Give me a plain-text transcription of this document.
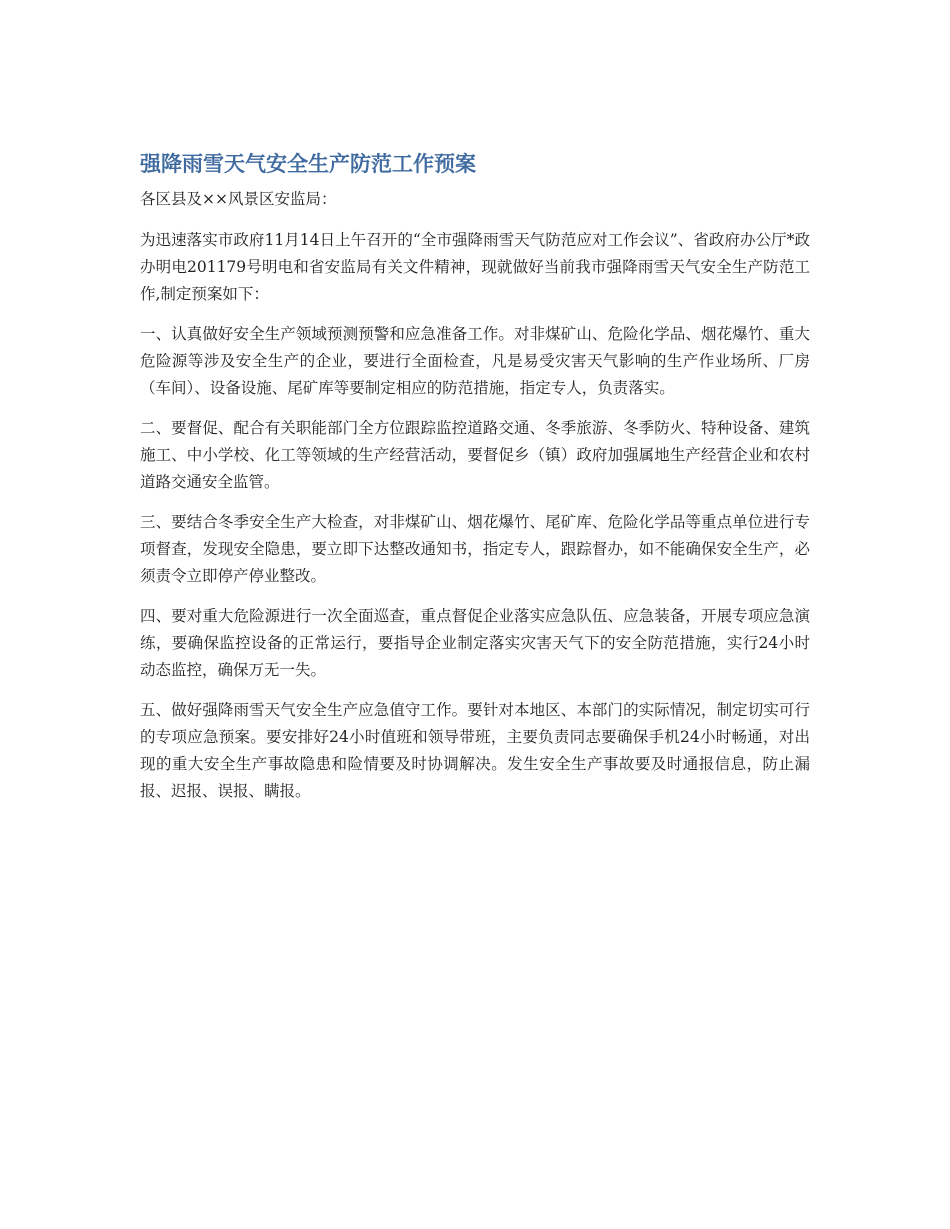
强降雨雪天气安全生产防范工作预案

各区县及××风景区安监局：

为迅速落实市政府11月14日上午召开的“全市强降雨雪天气防范应对工作会议”、省政府办公厅*政办明电201179号明电和省安监局有关文件精神，现就做好当前我市强降雨雪天气安全生产防范工作,制定预案如下：

一、认真做好安全生产领域预测预警和应急准备工作。对非煤矿山、危险化学品、烟花爆竹、重大危险源等涉及安全生产的企业，要进行全面检查，凡是易受灾害天气影响的生产作业场所、厂房（车间）、设备设施、尾矿库等要制定相应的防范措施，指定专人，负责落实。

二、要督促、配合有关职能部门全方位跟踪监控道路交通、冬季旅游、冬季防火、特种设备、建筑施工、中小学校、化工等领域的生产经营活动，要督促乡（镇）政府加强属地生产经营企业和农村道路交通安全监管。

三、要结合冬季安全生产大检查，对非煤矿山、烟花爆竹、尾矿库、危险化学品等重点单位进行专项督查，发现安全隐患，要立即下达整改通知书，指定专人，跟踪督办，如不能确保安全生产，必须责令立即停产停业整改。

四、要对重大危险源进行一次全面巡查，重点督促企业落实应急队伍、应急装备，开展专项应急演练，要确保监控设备的正常运行，要指导企业制定落实灾害天气下的安全防范措施，实行24小时动态监控，确保万无一失。

五、做好强降雨雪天气安全生产应急值守工作。要针对本地区、本部门的实际情况，制定切实可行的专项应急预案。要安排好24小时值班和领导带班，主要负责同志要确保手机24小时畅通，对出现的重大安全生产事故隐患和险情要及时协调解决。发生安全生产事故要及时通报信息，防止漏报、迟报、误报、瞒报。
